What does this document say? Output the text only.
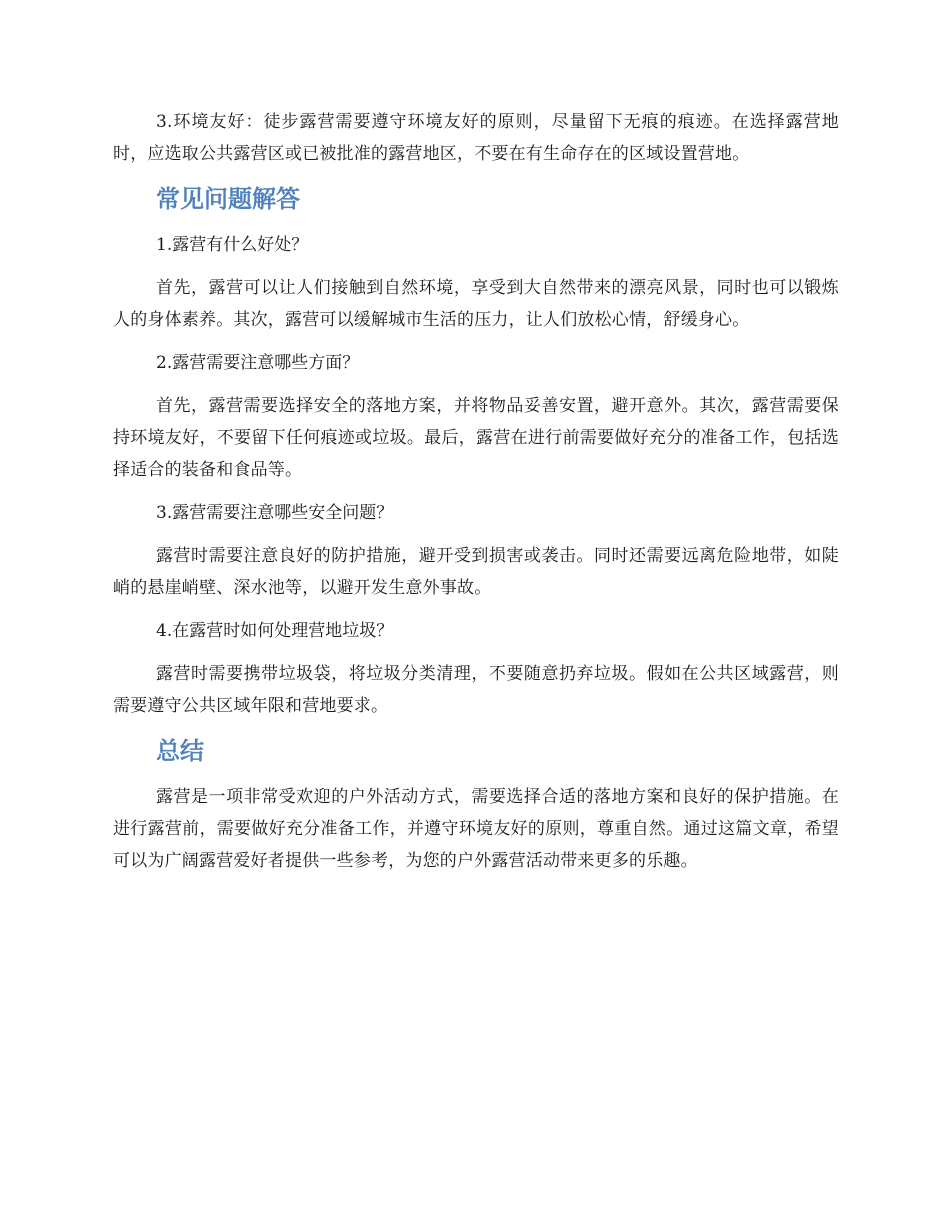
3.环境友好：徒步露营需要遵守环境友好的原则，尽量留下无痕的痕迹。在选择露营地时，应选取公共露营区或已被批准的露营地区，不要在有生命存在的区域设置营地。

常见问题解答

1.露营有什么好处？

首先，露营可以让人们接触到自然环境，享受到大自然带来的漂亮风景，同时也可以锻炼人的身体素养。其次，露营可以缓解城市生活的压力，让人们放松心情，舒缓身心。

2.露营需要注意哪些方面？

首先，露营需要选择安全的落地方案，并将物品妥善安置，避开意外。其次，露营需要保持环境友好，不要留下任何痕迹或垃圾。最后，露营在进行前需要做好充分的准备工作，包括选择适合的装备和食品等。

3.露营需要注意哪些安全问题？

露营时需要注意良好的防护措施，避开受到损害或袭击。同时还需要远离危险地带，如陡峭的悬崖峭壁、深水池等，以避开发生意外事故。

4.在露营时如何处理营地垃圾？

露营时需要携带垃圾袋，将垃圾分类清理，不要随意扔弃垃圾。假如在公共区域露营，则需要遵守公共区域年限和营地要求。

总结

露营是一项非常受欢迎的户外活动方式，需要选择合适的落地方案和良好的保护措施。在进行露营前，需要做好充分准备工作，并遵守环境友好的原则，尊重自然。通过这篇文章，希望可以为广阔露营爱好者提供一些参考，为您的户外露营活动带来更多的乐趣。
